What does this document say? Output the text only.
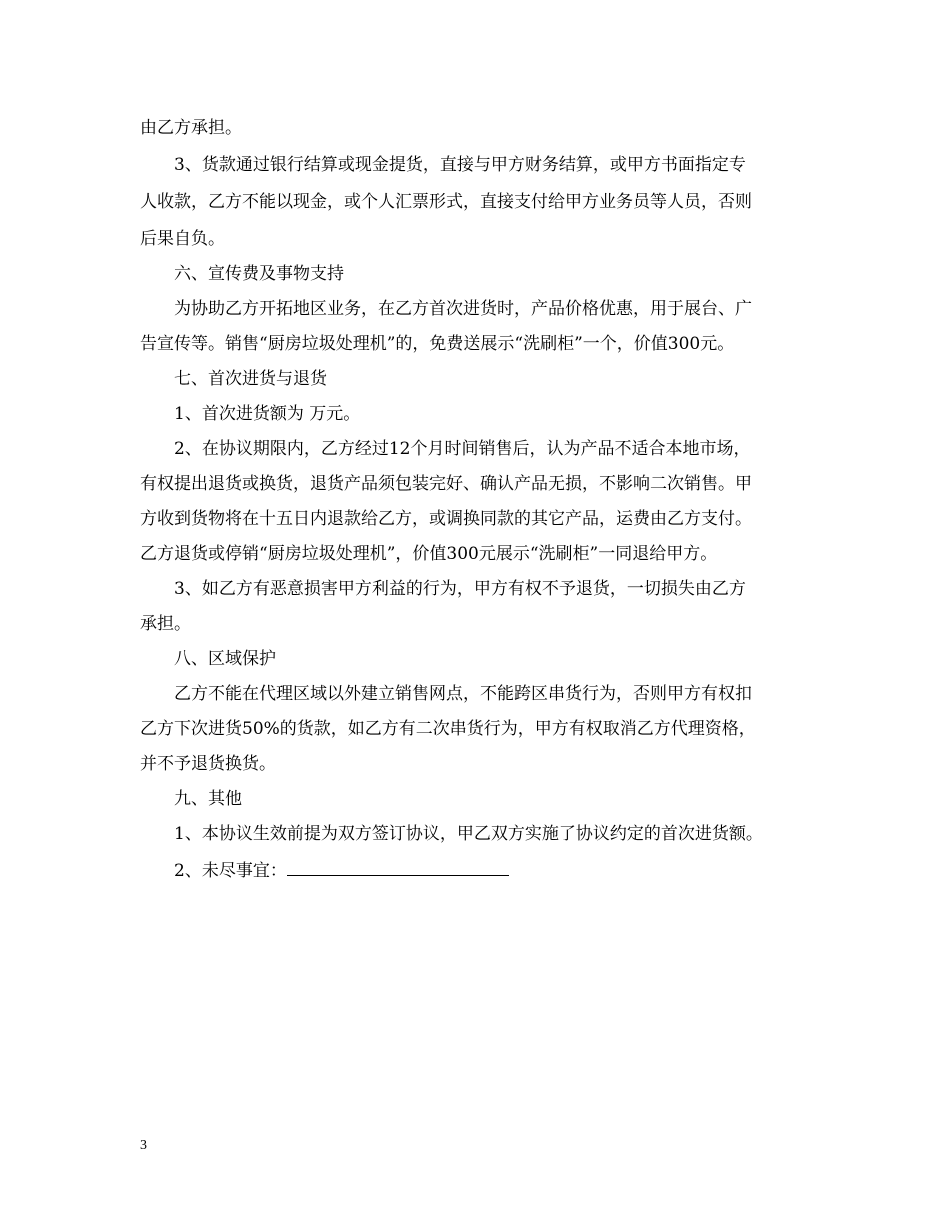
由乙方承担。
3、货款通过银行结算或现金提货，直接与甲方财务结算，或甲方书面指定专
人收款，乙方不能以现金，或个人汇票形式，直接支付给甲方业务员等人员，否则
后果自负。
六、宣传费及事物支持
为协助乙方开拓地区业务，在乙方首次进货时，产品价格优惠，用于展台、广
告宣传等。销售“厨房垃圾处理机”的，免费送展示“洗刷柜”一个，价值300元。
七、首次进货与退货
1、首次进货额为 万元。
2、在协议期限内，乙方经过12个月时间销售后，认为产品不适合本地市场，
有权提出退货或换货，退货产品须包装完好、确认产品无损，不影响二次销售。甲
方收到货物将在十五日内退款给乙方，或调换同款的其它产品，运费由乙方支付。
乙方退货或停销“厨房垃圾处理机”，价值300元展示“洗刷柜”一同退给甲方。
3、如乙方有恶意损害甲方利益的行为，甲方有权不予退货，一切损失由乙方
承担。
八、区域保护
乙方不能在代理区域以外建立销售网点，不能跨区串货行为，否则甲方有权扣
乙方下次进货50%的货款，如乙方有二次串货行为，甲方有权取消乙方代理资格，
并不予退货换货。
九、其他
1、本协议生效前提为双方签订协议，甲乙双方实施了协议约定的首次进货额。
2、未尽事宜：
3
